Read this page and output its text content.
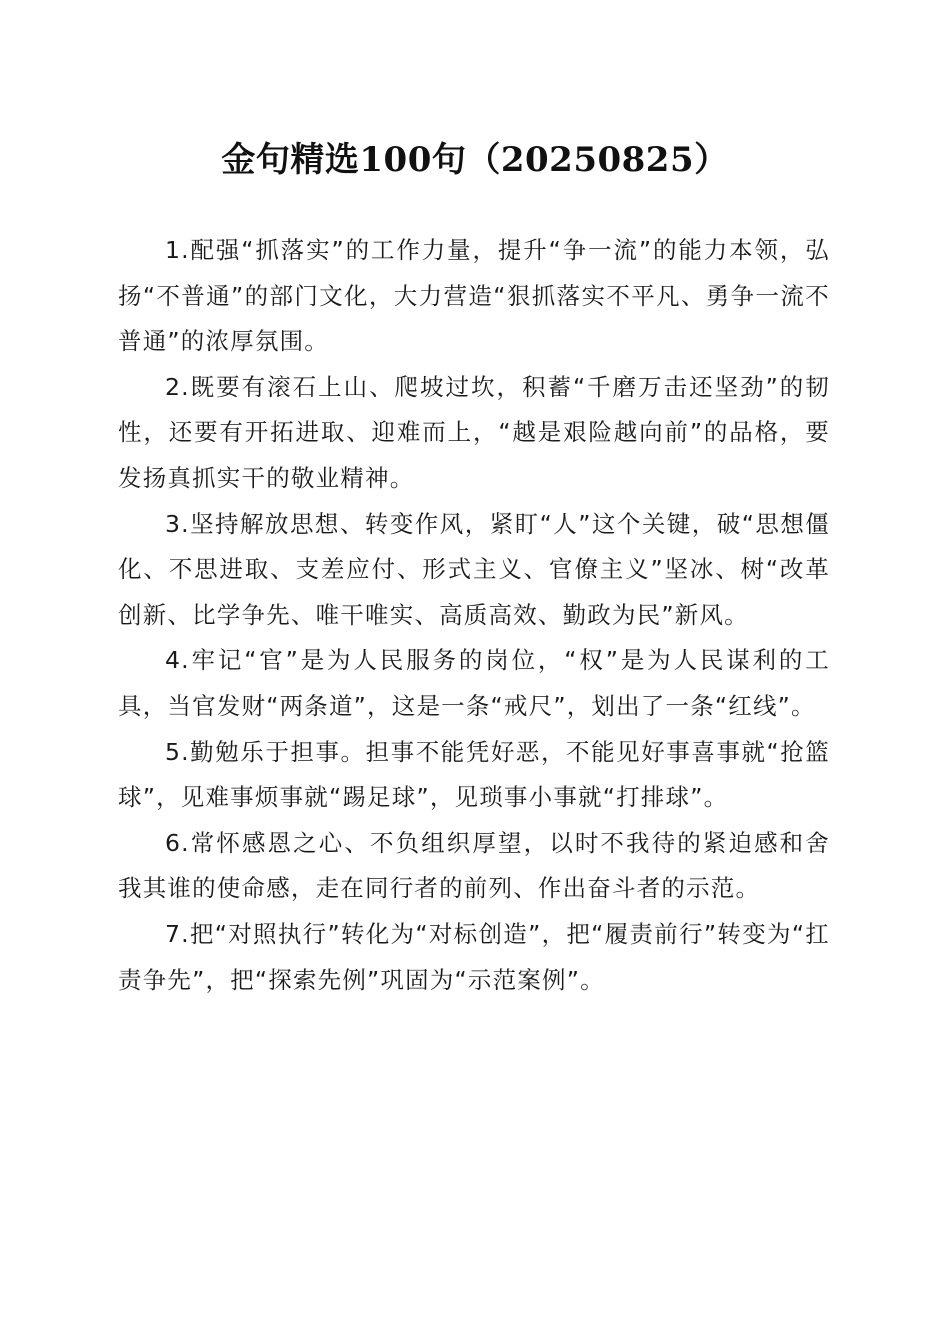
金句精选100句（20250825）

1.配强“抓落实”的工作力量，提升“争一流”的能力本领，弘扬“不普通”的部门文化，大力营造“狠抓落实不平凡、勇争一流不普通”的浓厚氛围。

2.既要有滚石上山、爬坡过坎，积蓄“千磨万击还坚劲”的韧性，还要有开拓进取、迎难而上，“越是艰险越向前”的品格，要发扬真抓实干的敬业精神。

3.坚持解放思想、转变作风，紧盯“人”这个关键，破“思想僵化、不思进取、支差应付、形式主义、官僚主义”坚冰、树“改革创新、比学争先、唯干唯实、高质高效、勤政为民”新风。

4.牢记“官”是为人民服务的岗位，“权”是为人民谋利的工具，当官发财“两条道”，这是一条“戒尺”，划出了一条“红线”。

5.勤勉乐于担事。担事不能凭好恶，不能见好事喜事就“抢篮球”，见难事烦事就“踢足球”，见琐事小事就“打排球”。

6.常怀感恩之心、不负组织厚望，以时不我待的紧迫感和舍我其谁的使命感，走在同行者的前列、作出奋斗者的示范。

7.把“对照执行”转化为“对标创造”，把“履责前行”转变为“扛责争先”，把“探索先例”巩固为“示范案例”。
